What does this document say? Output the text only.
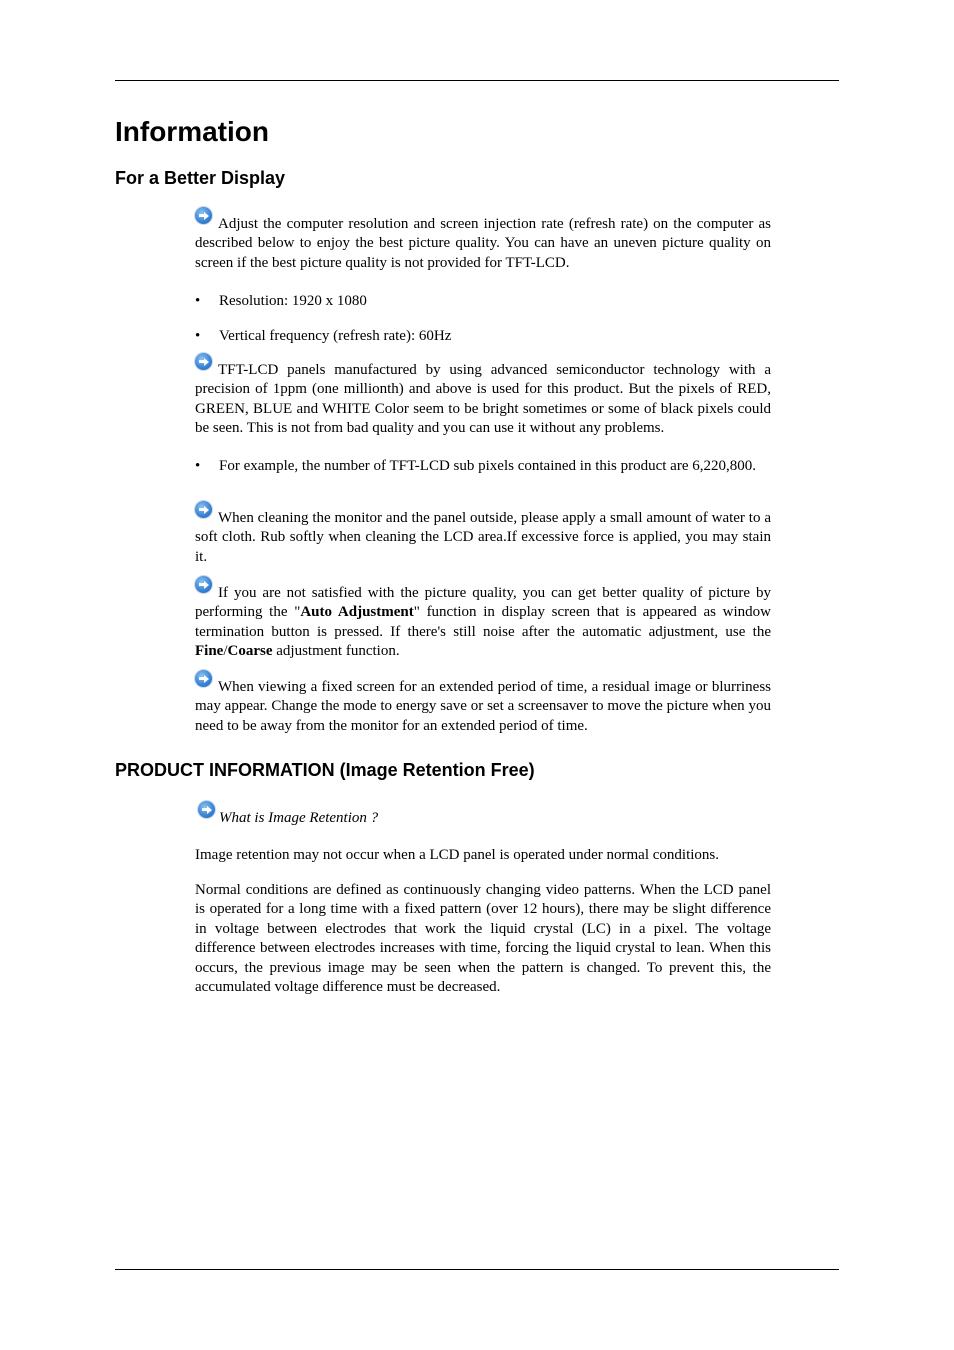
Information
For a Better Display

Adjust the computer resolution and screen injection rate (refresh rate) on the computer as described below to enjoy the best picture quality. You can have an uneven picture quality on screen if the best picture quality is not provided for TFT-LCD.

• Resolution: 1920 x 1080
• Vertical frequency (refresh rate): 60Hz

TFT-LCD panels manufactured by using advanced semiconductor technology with a precision of 1ppm (one millionth) and above is used for this product. But the pixels of RED, GREEN, BLUE and WHITE Color seem to be bright sometimes or some of black pixels could be seen. This is not from bad quality and you can use it without any problems.

• For example, the number of TFT-LCD sub pixels contained in this product are 6,220,800.

When cleaning the monitor and the panel outside, please apply a small amount of water to a soft cloth. Rub softly when cleaning the LCD area.If excessive force is applied, you may stain it.

If you are not satisfied with the picture quality, you can get better quality of picture by performing the "Auto Adjustment" function in display screen that is appeared as window termination button is pressed. If there's still noise after the automatic adjustment, use the Fine/Coarse adjustment function.

When viewing a fixed screen for an extended period of time, a residual image or blurriness may appear. Change the mode to energy save or set a screensaver to move the picture when you need to be away from the monitor for an extended period of time.

PRODUCT INFORMATION (Image Retention Free)

What is Image Retention ?

Image retention may not occur when a LCD panel is operated under normal conditions.

Normal conditions are defined as continuously changing video patterns. When the LCD panel is operated for a long time with a fixed pattern (over 12 hours), there may be slight difference in voltage between electrodes that work the liquid crystal (LC) in a pixel. The voltage difference between electrodes increases with time, forcing the liquid crystal to lean. When this occurs, the previous image may be seen when the pattern is changed. To prevent this, the accumulated voltage difference must be decreased.
